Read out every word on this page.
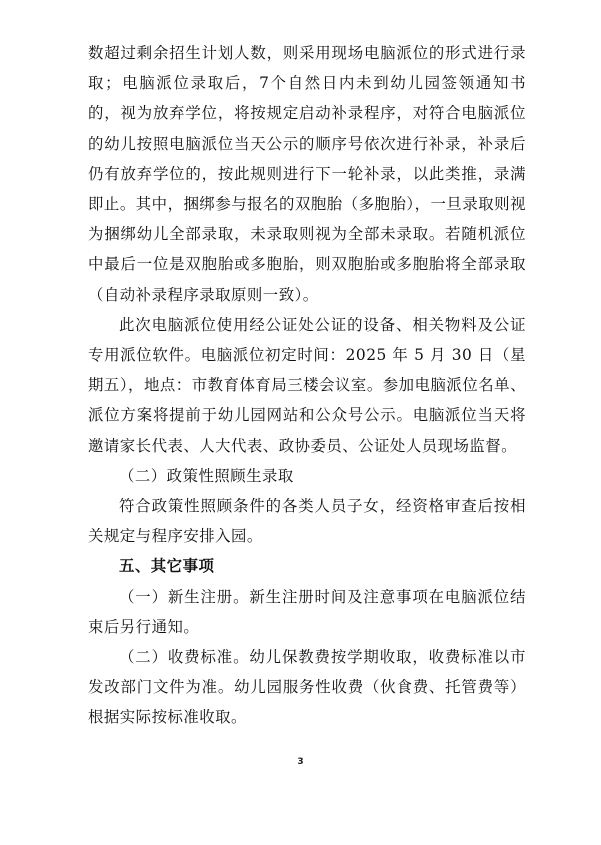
数超过剩余招生计划人数，则采用现场电脑派位的形式进行录取；电脑派位录取后，7个自然日内未到幼儿园签领通知书的，视为放弃学位，将按规定启动补录程序，对符合电脑派位的幼儿按照电脑派位当天公示的顺序号依次进行补录，补录后仍有放弃学位的，按此规则进行下一轮补录，以此类推，录满即止。其中，捆绑参与报名的双胞胎（多胞胎），一旦录取则视为捆绑幼儿全部录取，未录取则视为全部未录取。若随机派位中最后一位是双胞胎或多胞胎，则双胞胎或多胞胎将全部录取（自动补录程序录取原则一致）。

此次电脑派位使用经公证处公证的设备、相关物料及公证专用派位软件。电脑派位初定时间：2025 年 5 月 30 日（星期五），地点：市教育体育局三楼会议室。参加电脑派位名单、派位方案将提前于幼儿园网站和公众号公示。电脑派位当天将邀请家长代表、人大代表、政协委员、公证处人员现场监督。

（二）政策性照顾生录取

符合政策性照顾条件的各类人员子女，经资格审查后按相关规定与程序安排入园。

五、其它事项

（一）新生注册。新生注册时间及注意事项在电脑派位结束后另行通知。

（二）收费标准。幼儿保教费按学期收取，收费标准以市发改部门文件为准。幼儿园服务性收费（伙食费、托管费等）根据实际按标准收取。

3
